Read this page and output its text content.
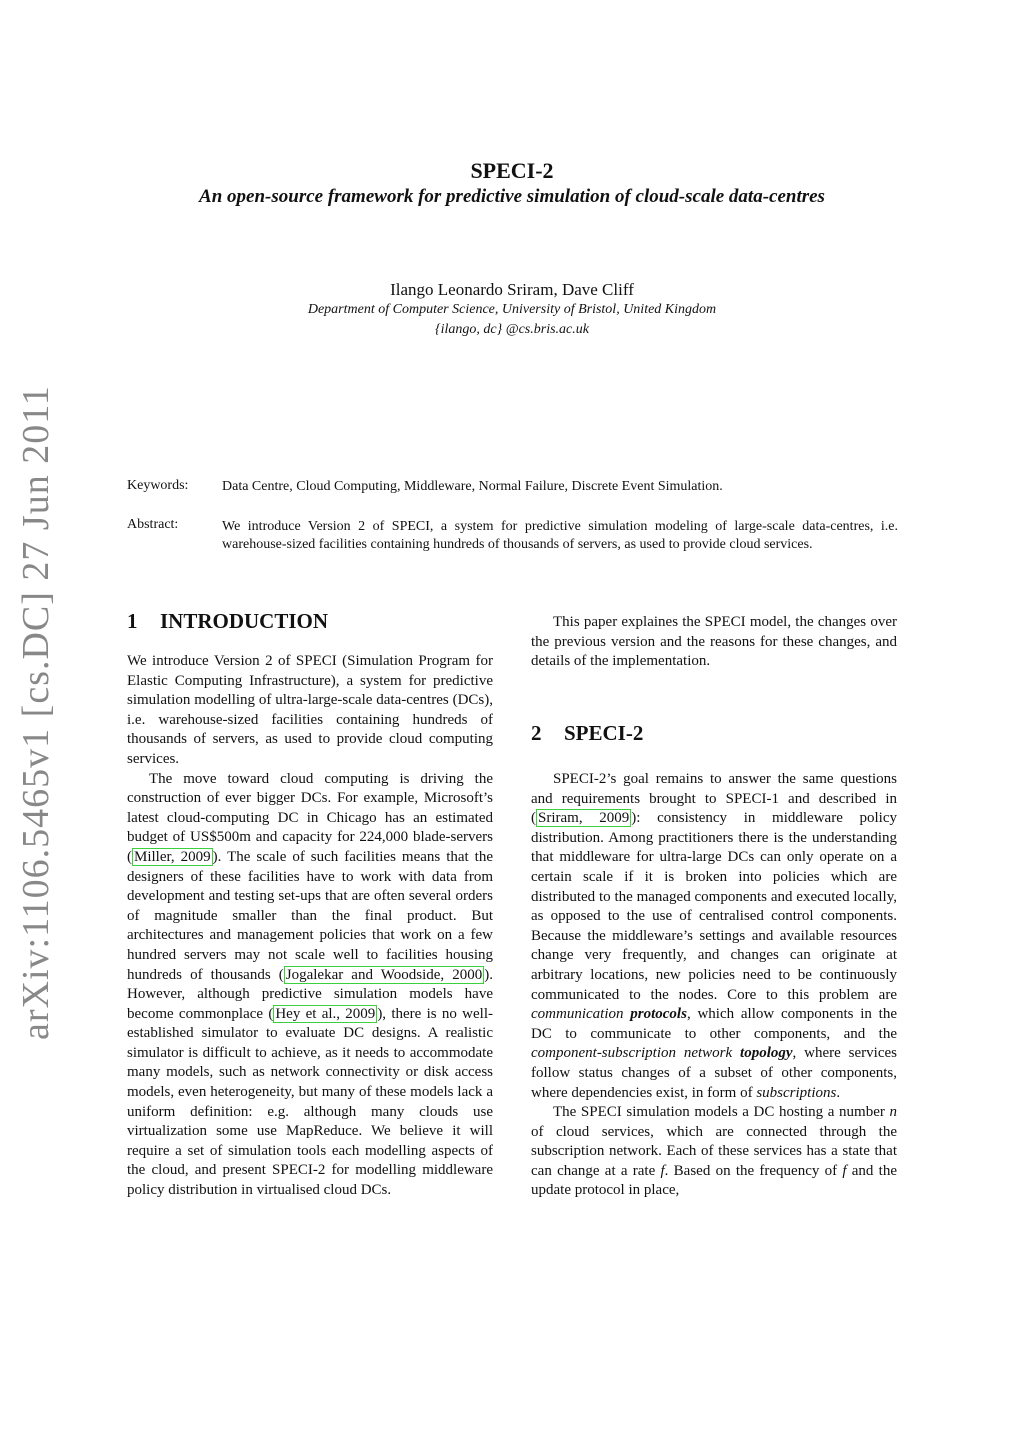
SPECI-2
An open-source framework for predictive simulation of cloud-scale data-centres
Ilango Leonardo Sriram, Dave Cliff
Department of Computer Science, University of Bristol, United Kingdom
{ilango, dc} @cs.bris.ac.uk
arXiv:1106.5465v1 [cs.DC] 27 Jun 2011	Keywords: Data Centre, Cloud Computing, Middleware, Normal Failure, Discrete Event Simulation.
Abstract:	We introduce Version 2 of SPECI, a system for predictive simulation modeling of large-scale data-centres, i.e. warehouse-sized facilities containing hundreds of thousands of servers, as used to provide cloud services.
1 INTRODUCTION

We introduce Version 2 of SPECI (Simulation Program for Elastic Computing Infrastructure), a system for predictive simulation modelling of ultra-large-scale data-centres (DCs), i.e. warehouse-sized facilities containing hundreds of thousands of servers, as used to provide cloud computing services.

The move toward cloud computing is driving the construction of ever bigger DCs. For example, Microsoft’s latest cloud-computing DC in Chicago has an estimated budget of US$500m and capacity for 224,000 blade-servers ( Miller, 2009 ). The scale of such facilities means that the designers of these facilities have to work with data from development and testing set-ups that are often several orders of magnitude smaller than the final product. But architectures and management policies that work on a few hundred servers may not scale well to facilities housing hundreds of thousands ( Jogalekar and Woodside, 2000 ). However, although predictive simulation models have become commonplace ( Hey et al., 2009 ), there is no well-established simulator to evaluate DC designs. A realistic simulator is difficult to achieve, as it needs to accommodate many models, such as network connectivity or disk access models, even heterogeneity, but many of these models lack a uniform definition: e.g. although many clouds use virtualization some use MapReduce. We believe it will require a set of simulation tools each modelling aspects of the cloud, and present SPECI-2 for modelling middleware policy distribution in virtualised cloud DCs.

This paper explaines the SPECI model, the changes over the previous version and the reasons for these changes, and details of the implementation.

2 SPECI-2

SPECI-2’s goal remains to answer the same questions and requirements brought to SPECI-1 and described in ( Sriram, 2009 ): consistency in middleware policy distribution. Among practitioners there is the understanding that middleware for ultra-large DCs can only operate on a certain scale if it is broken into policies which are distributed to the managed components and executed locally, as opposed to the use of centralised control components. Because the middleware’s settings and available resources change very frequently, and changes can originate at arbitrary locations, new policies need to be continuously communicated to the nodes. Core to this problem are communication protocols, which allow components in the DC to communicate to other components, and the component-subscription network topology, where services follow status changes of a subset of other components, where dependencies exist, in form of subscriptions.

The SPECI simulation models a DC hosting a number n of cloud services, which are connected through the subscription network. Each of these services has a state that can change at a rate f. Based on the frequency of f and the update protocol in place,
